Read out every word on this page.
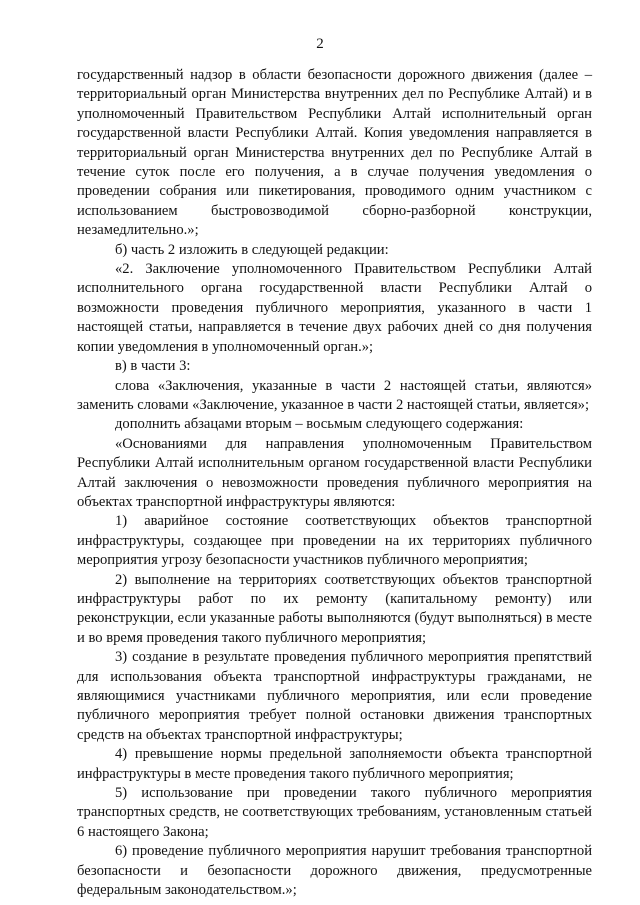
2

государственный надзор в области безопасности дорожного движения (далее – территориальный орган Министерства внутренних дел по Республике Алтай) и в уполномоченный Правительством Республики Алтай исполнительный орган государственной власти Республики Алтай. Копия уведомления направляется в территориальный орган Министерства внутренних дел по Республике Алтай в течение суток после его получения, а в случае получения уведомления о проведении собрания или пикетирования, проводимого одним участником с использованием быстровозводимой сборно-разборной конструкции, незамедлительно.»;

б) часть 2 изложить в следующей редакции:

«2. Заключение уполномоченного Правительством Республики Алтай исполнительного органа государственной власти Республики Алтай о возможности проведения публичного мероприятия, указанного в части 1 настоящей статьи, направляется в течение двух рабочих дней со дня получения копии уведомления в уполномоченный орган.»;

в) в части 3:

слова «Заключения, указанные в части 2 настоящей статьи, являются» заменить словами «Заключение, указанное в части 2 настоящей статьи, является»;

дополнить абзацами вторым – восьмым следующего содержания:

«Основаниями для направления уполномоченным Правительством Республики Алтай исполнительным органом государственной власти Республики Алтай заключения о невозможности проведения публичного мероприятия на объектах транспортной инфраструктуры являются:

1) аварийное состояние соответствующих объектов транспортной инфраструктуры, создающее при проведении на их территориях публичного мероприятия угрозу безопасности участников публичного мероприятия;

2) выполнение на территориях соответствующих объектов транспортной инфраструктуры работ по их ремонту (капитальному ремонту) или реконструкции, если указанные работы выполняются (будут выполняться) в месте и во время проведения такого публичного мероприятия;

3) создание в результате проведения публичного мероприятия препятствий для использования объекта транспортной инфраструктуры гражданами, не являющимися участниками публичного мероприятия, или если проведение публичного мероприятия требует полной остановки движения транспортных средств на объектах транспортной инфраструктуры;

4) превышение нормы предельной заполняемости объекта транспортной инфраструктуры в месте проведения такого публичного мероприятия;

5) использование при проведении такого публичного мероприятия транспортных средств, не соответствующих требованиям, установленным статьей 6 настоящего Закона;

6) проведение публичного мероприятия нарушит требования транспортной безопасности и безопасности дорожного движения, предусмотренные федеральным законодательством.»;
